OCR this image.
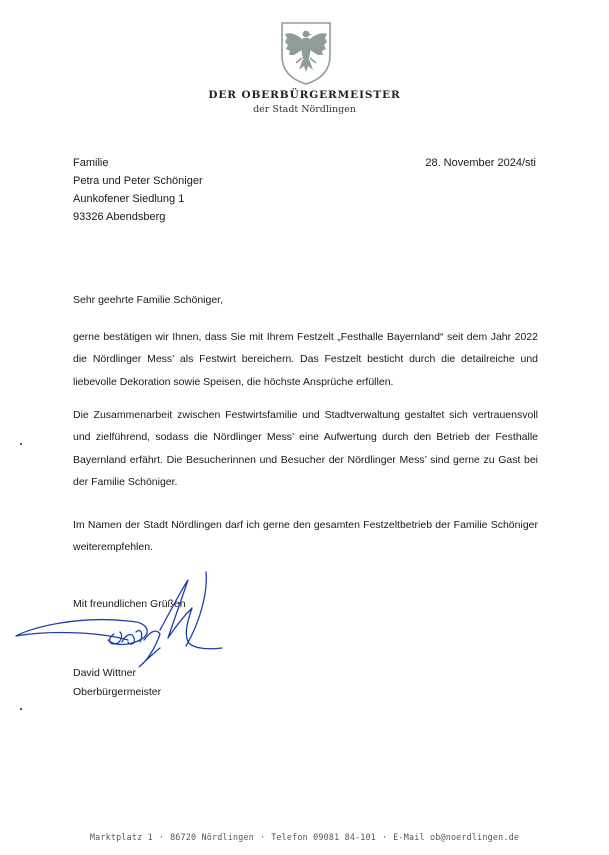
DER OBERBÜRGERMEISTER
der Stadt Nördlingen
Familie
Petra und Peter Schöniger
Aunkofener Siedlung 1
93326 Abendsberg
28. November 2024/sti

Sehr geehrte Familie Schöniger,

gerne bestätigen wir Ihnen, dass Sie mit Ihrem Festzelt „Festhalle Bayernland“ seit dem Jahr 2022 die Nördlinger Mess’ als Festwirt bereichern. Das Festzelt besticht durch die detailreiche und liebevolle Dekoration sowie Speisen, die höchste Ansprüche erfüllen.

Die Zusammenarbeit zwischen Festwirtsfamilie und Stadtverwaltung gestaltet sich vertrauensvoll und zielführend, sodass die Nördlinger Mess’ eine Aufwertung durch den Betrieb der Festhalle Bayernland erfährt. Die Besucherinnen und Besucher der Nördlinger Mess’ sind gerne zu Gast bei der Familie Schöniger.

Im Namen der Stadt Nördlingen darf ich gerne den gesamten Festzeltbetrieb der Familie Schöniger weiterempfehlen.

Mit freundlichen Grüßen
David Wittner
David Wittner
Oberbürgermeister
Marktplatz 1 · 86720 Nördlingen · Telefon 09081 84-101 · E-Mail ob@noerdlingen.de
